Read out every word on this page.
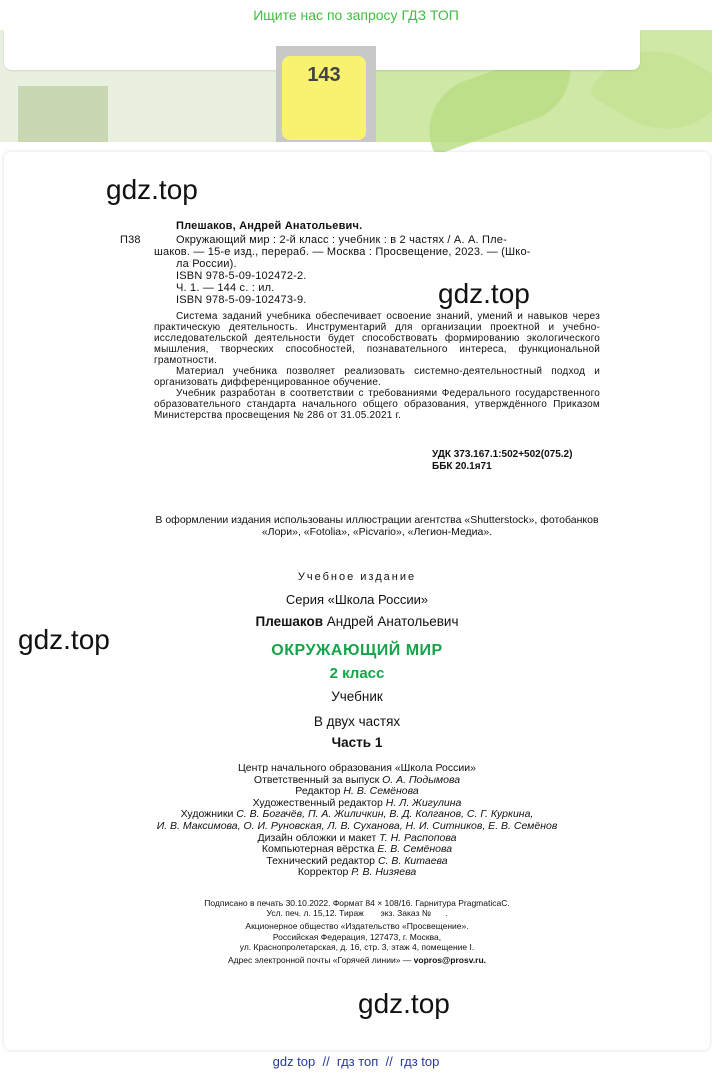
Ищите нас по запросу ГДЗ ТОП
143
gdz.top
gdz.top
gdz.top
gdz.top
Плешаков, Андрей Анатольевич.
П38	Окружающий мир : 2-й класс : учебник : в 2 частях / А. А. Пле-
шаков. — 15-е изд., перераб. — Москва : Просвещение, 2023. — (Шко-
ла России).
ISBN 978-5-09-102472-2.
Ч. 1. — 144 с. : ил.
ISBN 978-5-09-102473-9.
Система заданий учебника обеспечивает освоение знаний, умений и навыков через практическую деятельность. Инструментарий для организации проектной и учебно-исследовательской деятельности будет способствовать формированию экологического мышления, творческих способностей, познавательного интереса, функциональной грамотности.
Материал учебника позволяет реализовать системно-деятельностный подход и организовать дифференцированное обучение.
Учебник разработан в соответствии с требованиями Федерального государственного образовательного стандарта начального общего образования, утверждённого Приказом Министерства просвещения № 286 от 31.05.2021 г.
УДК 373.167.1:502+502(075.2)
ББК 20.1я71
В оформлении издания использованы иллюстрации агентства «Shutterstock», фотобанков «Лори», «Fotolia», «Picvario», «Легион-Медиа».
Учебное издание
Серия «Школа России»
Плешаков Андрей Анатольевич
ОКРУЖАЮЩИЙ МИР
2 класс
Учебник
В двух частях
Часть 1
Центр начального образования «Школа России»
Ответственный за выпуск О. А. Подымова
Редактор Н. В. Семёнова
Художественный редактор Н. Л. Жигулина
Художники С. В. Богачёв, П. А. Жиличкин, В. Д. Колганов, С. Г. Куркина,
И. В. Максимова, О. И. Руновская, Л. В. Суханова, Н. И. Ситников, Е. В. Семёнов
Дизайн обложки и макет Т. Н. Распопова
Компьютерная вёрстка Е. В. Семёнова
Технический редактор С. В. Китаева
Корректор Р. В. Низяева
Подписано в печать 30.10.2022. Формат 84 × 108/16. Гарнитура PragmaticaC.
Усл. печ. л. 15,12. Тираж       экз. Заказ №      .
Акционерное общество «Издательство «Просвещение».
Российская Федерация, 127473, г. Москва,
ул. Краснопролетарская, д. 16, стр. 3, этаж 4, помещение I.
Адрес электронной почты «Горячей линии» — vopros@prosv.ru.
gdz top  //  гдз топ  //  гдз top
